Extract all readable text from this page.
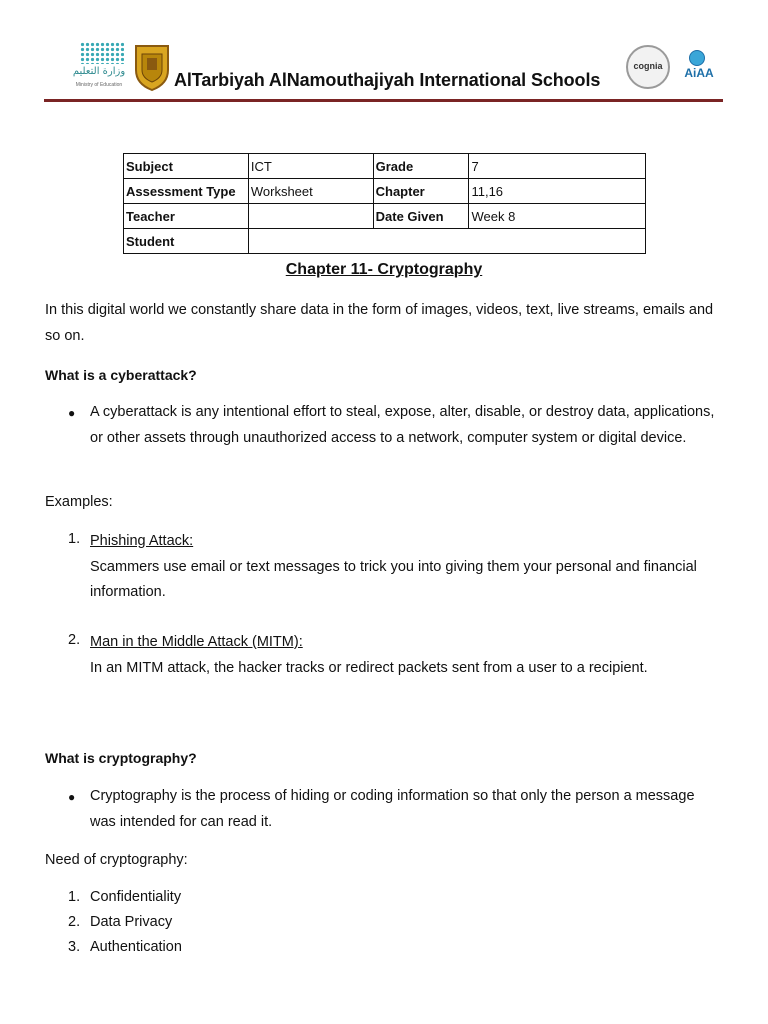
وزارة التعليم
Ministry of Education	AlTarbiyah AlNamouthajiyah International Schools
cognia	AiAA
Subject	ICT	Grade	7
Assessment Type	Worksheet	Chapter	11,16
Teacher		Date Given	Week 8
Student			
Chapter 11- Cryptography
In this digital world we constantly share data in the form of images, videos, text, live streams, emails and so on.
What is a cyberattack?
● A cyberattack is any intentional effort to steal, expose, alter, disable, or destroy data, applications, or other assets through unauthorized access to a network, computer system or digital device.
Examples:
1. Phishing Attack:
Scammers use email or text messages to trick you into giving them your personal and financial information.
2. Man in the Middle Attack (MITM):
In an MITM attack, the hacker tracks or redirect packets sent from a user to a recipient.
What is cryptography?
● Cryptography is the process of hiding or coding information so that only the person a message was intended for can read it.
Need of cryptography:
1. Confidentiality
2. Data Privacy
3. Authentication
